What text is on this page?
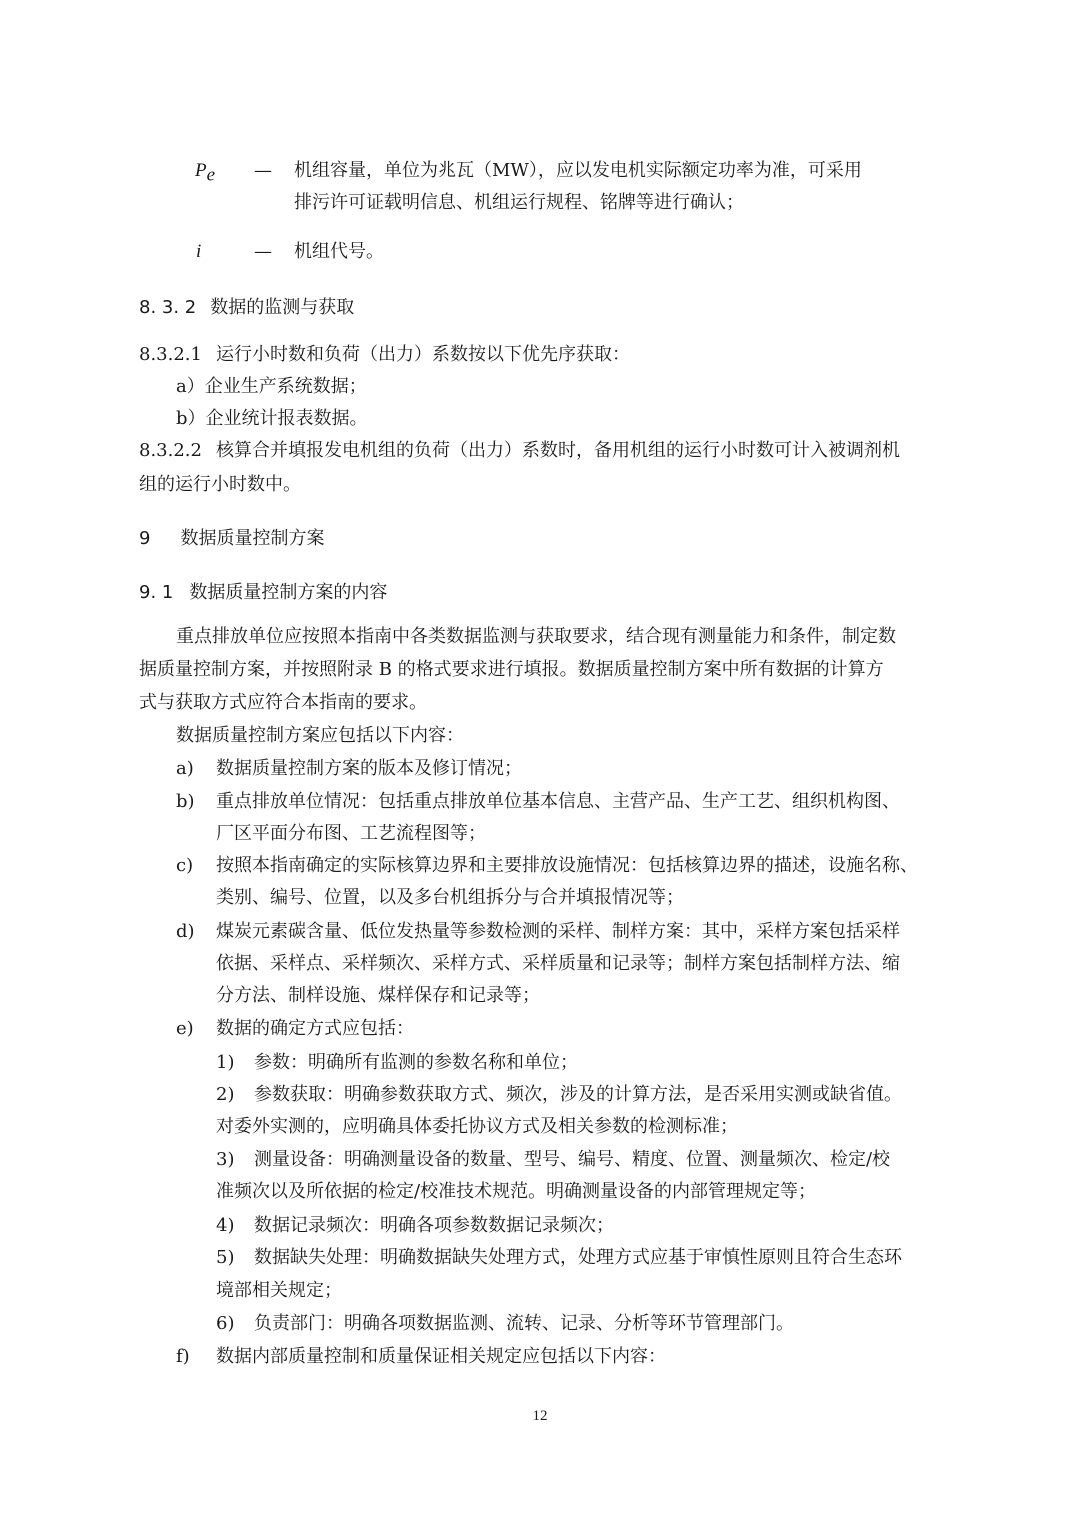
$P_e$ — 机组容量，单位为兆瓦（MW），应以发电机实际额定功率为准，可采用
排污许可证载明信息、机组运行规程、铭牌等进行确认；
i	— 机组代号。
8. 3. 2 数据的监测与获取
8.3.2.1 运行小时数和负荷（出力）系数按以下优先序获取：
a）企业生产系统数据；
b）企业统计报表数据。
8.3.2.2 核算合并填报发电机组的负荷（出力）系数时，备用机组的运行小时数可计入被调剂机
组的运行小时数中。
9 数据质量控制方案
9. 1 数据质量控制方案的内容
重点排放单位应按照本指南中各类数据监测与获取要求，结合现有测量能力和条件，制定数
据质量控制方案，并按照附录 B 的格式要求进行填报。数据质量控制方案中所有数据的计算方
式与获取方式应符合本指南的要求。
数据质量控制方案应包括以下内容：
a) 数据质量控制方案的版本及修订情况；
b) 重点排放单位情况：包括重点排放单位基本信息、主营产品、生产工艺、组织机构图、
厂区平面分布图、工艺流程图等；
c) 按照本指南确定的实际核算边界和主要排放设施情况：包括核算边界的描述，设施名称、
类别、编号、位置，以及多台机组拆分与合并填报情况等；
d) 煤炭元素碳含量、低位发热量等参数检测的采样、制样方案：其中，采样方案包括采样
依据、采样点、采样频次、采样方式、采样质量和记录等；制样方案包括制样方法、缩
分方法、制样设施、煤样保存和记录等；
e) 数据的确定方式应包括：
1) 参数：明确所有监测的参数名称和单位；
2) 参数获取：明确参数获取方式、频次，涉及的计算方法，是否采用实测或缺省值。
对委外实测的，应明确具体委托协议方式及相关参数的检测标准；
3) 测量设备：明确测量设备的数量、型号、编号、精度、位置、测量频次、检定/校
准频次以及所依据的检定/校准技术规范。明确测量设备的内部管理规定等；
4) 数据记录频次：明确各项参数数据记录频次；
5) 数据缺失处理：明确数据缺失处理方式，处理方式应基于审慎性原则且符合生态环
境部相关规定；
6) 负责部门：明确各项数据监测、流转、记录、分析等环节管理部门。
f) 数据内部质量控制和质量保证相关规定应包括以下内容：
12
